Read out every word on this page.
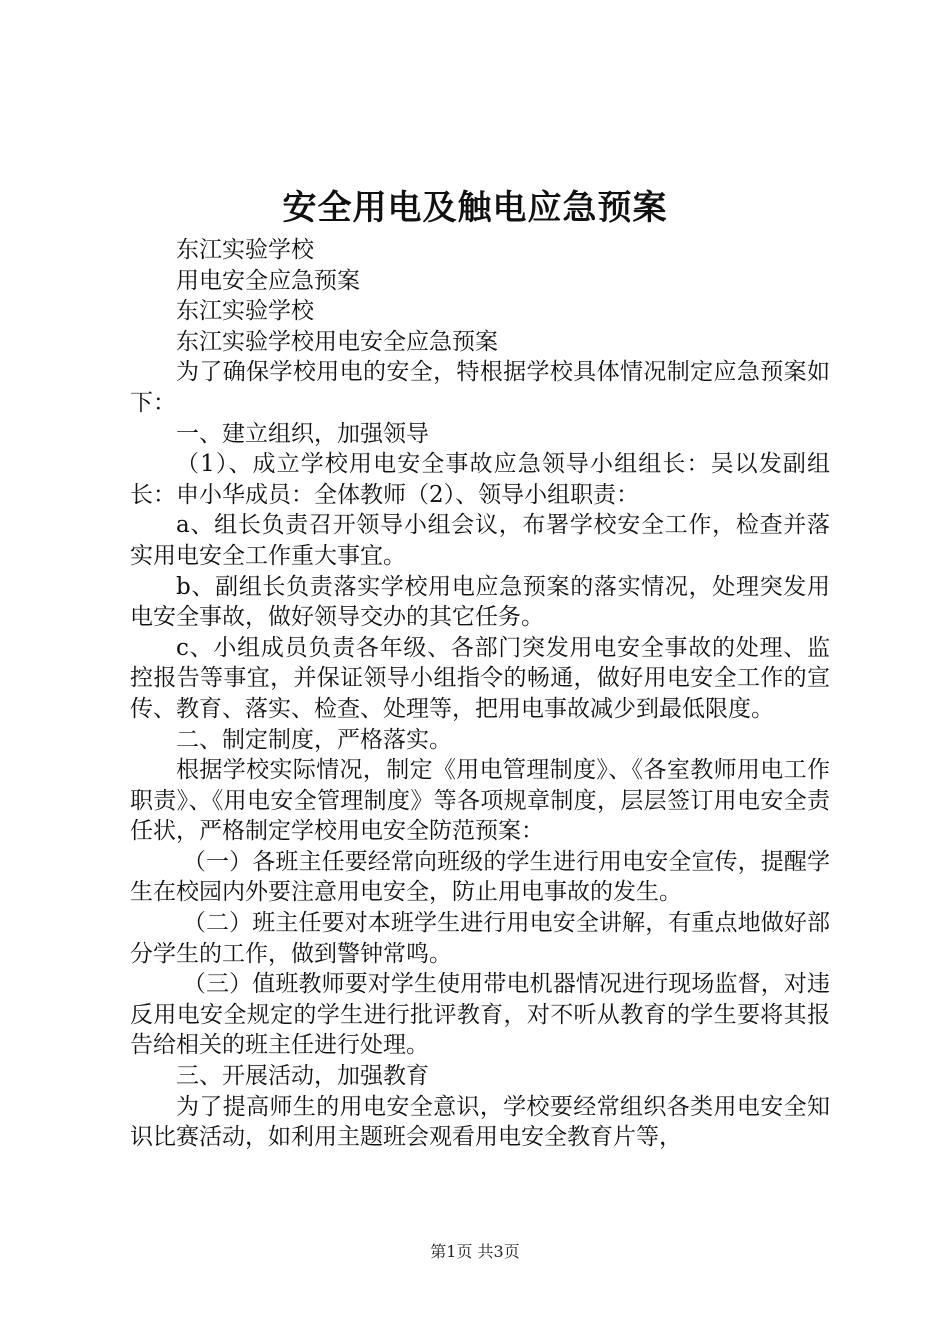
安全用电及触电应急预案

东江实验学校

用电安全应急预案

东江实验学校

东江实验学校用电安全应急预案

为了确保学校用电的安全，特根据学校具体情况制定应急预案如下：

一、建立组织，加强领导

（1）、成立学校用电安全事故应急领导小组组长：吴以发副组长：申小华成员：全体教师（2）、领导小组职责：

a、组长负责召开领导小组会议，布署学校安全工作，检查并落实用电安全工作重大事宜。

b、副组长负责落实学校用电应急预案的落实情况，处理突发用电安全事故，做好领导交办的其它任务。

c、小组成员负责各年级、各部门突发用电安全事故的处理、监控报告等事宜，并保证领导小组指令的畅通，做好用电安全工作的宣传、教育、落实、检查、处理等，把用电事故减少到最低限度。

二、制定制度，严格落实。

根据学校实际情况，制定《用电管理制度》、《各室教师用电工作职责》、《用电安全管理制度》等各项规章制度，层层签订用电安全责任状，严格制定学校用电安全防范预案：

（一）各班主任要经常向班级的学生进行用电安全宣传，提醒学生在校园内外要注意用电安全，防止用电事故的发生。

（二）班主任要对本班学生进行用电安全讲解，有重点地做好部分学生的工作，做到警钟常鸣。

（三）值班教师要对学生使用带电机器情况进行现场监督，对违反用电安全规定的学生进行批评教育，对不听从教育的学生要将其报告给相关的班主任进行处理。

三、开展活动，加强教育

为了提高师生的用电安全意识，学校要经常组织各类用电安全知识比赛活动，如利用主题班会观看用电安全教育片等，

第1页 共3页
